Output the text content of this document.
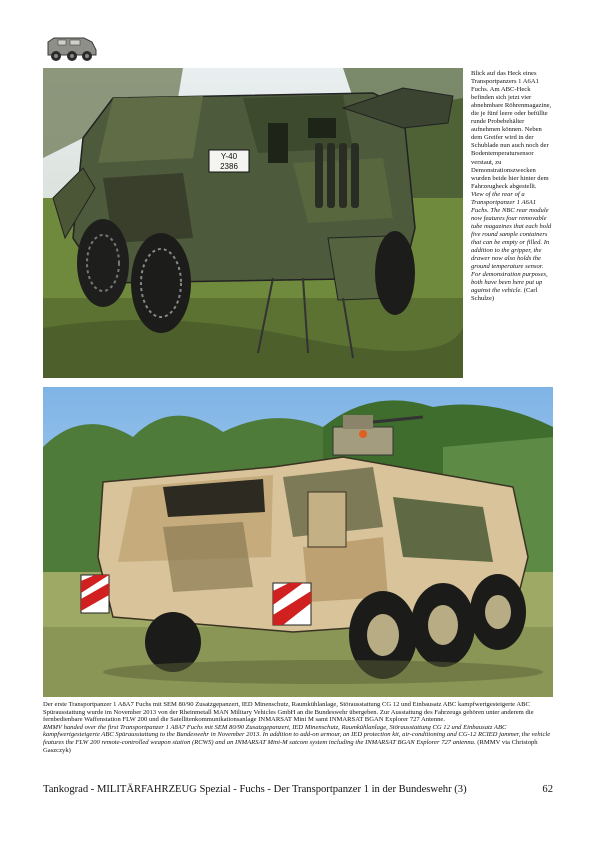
Y-40
2386

Blick auf das Heck eines Transportpanzers 1 A6A1 Fuchs. Am ABC-Heck befinden sich jetzt vier abnehmbare Röhrenmagazine, die je fünf leere oder befüllte runde Probebehälter aufnehmen können. Neben dem Greifer wird in der Schublade nun auch noch der Bodentemperatursensor verstaut, zu Demonstrationszwecken wurden beide hier hinter dem Fahrzeugheck abgestellt.

View of the rear of a Transportpanzer 1 A6A1 Fuchs. The NBC rear module now features four removable tube magazines that each hold five round sample containers that can be empty or filled. In addition to the gripper, the drawer now also holds the ground temperature sensor. For demonstration purposes, both have been here put up against the vehicle. (Carl Schulze)

Der erste Transportpanzer 1 A8A7 Fuchs mit SEM 80/90 Zusatzgepanzert, IED Minenschutz, Raumkühlanlage, Störausstattung CG 12 und Einbausatz ABC kampfwertgesteigerte ABC Spürausstattung wurde im November 2013 von der Rheinmetall MAN Military Vehicles GmbH an die Bundeswehr übergeben. Zur Ausstattung des Fahrzeugs gehören unter anderem die fernbedienbare Waffenstation FLW 200 und die Satellitenkommunikationsanlage INMARSAT Mini M samt INMARSAT BGAN Explorer 727 Antenne.

RMMV handed over the first Transportpanzer 1 A8A7 Fuchs mit SEM 80/90 Zusatzgepanzert, IED Minenschutz, Raumkühlanlage, Störausstattung CG 12 und Einbausatz ABC kampfwertgesteigerte ABC Spürausstattung to the Bundeswehr in November 2013. In addition to add-on armour, an IED protection kit, air-conditioning and CG-12 RCIED jammer, the vehicle features the FLW 200 remote-controlled weapon station (RCWS) and an INMARSAT Mini-M satcom system including the INMARSAT BGAN Explorer 727 antenna. (RMMV via Christoph Gaszczyk)

Tankograd - MILITÄRFAHRZEUG Spezial - Fuchs - Der Transportpanzer 1 in der Bundeswehr (3)	62
